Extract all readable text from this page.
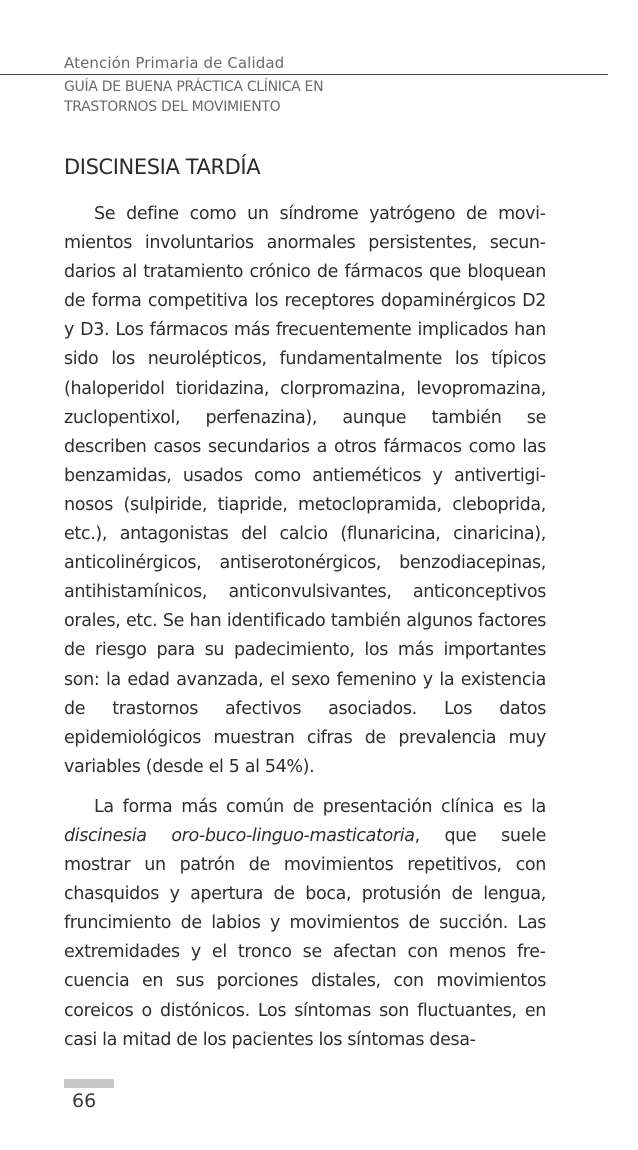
Atención Primaria de Calidad
GUÍA DE BUENA PRÁCTICA CLÍNICA EN
TRASTORNOS DEL MOVIMIENTO
DISCINESIA TARDÍA

Se define como un síndrome yatrógeno de movimientos involuntarios anormales persistentes, secundarios al tratamiento crónico de fármacos que bloquean de forma competitiva los receptores dopaminérgicos D2 y D3. Los fármacos más frecuentemente implicados han sido los neurolépticos, fundamentalmente los típicos (haloperidol tioridazina, clorpromazina, levopromazina, zuclopentixol, perfenazina), aunque también se describen casos secundarios a otros fármacos como las benzamidas, usados como antieméticos y antivertiginosos (sulpiride, tiapride, metoclopramida, cleboprida, etc.), antagonistas del calcio (flunaricina, cinaricina), anticolinérgicos, antiserotonérgicos, benzodiacepinas, antihistamínicos, anticonvulsivantes, anticonceptivos orales, etc. Se han identificado también algunos factores de riesgo para su padecimiento, los más importantes son: la edad avanzada, el sexo femenino y la existencia de trastornos afectivos asociados. Los datos epidemiológicos muestran cifras de prevalencia muy variables (desde el 5 al 54%).

La forma más común de presentación clínica es la discinesia oro-buco-linguo-masticatoria, que suele mostrar un patrón de movimientos repetitivos, con chasquidos y apertura de boca, protusión de lengua, fruncimiento de labios y movimientos de succión. Las extremidades y el tronco se afectan con menos frecuencia en sus porciones distales, con movimientos coreicos o distónicos. Los síntomas son fluctuantes, en casi la mitad de los pacientes los síntomas desa-

66
